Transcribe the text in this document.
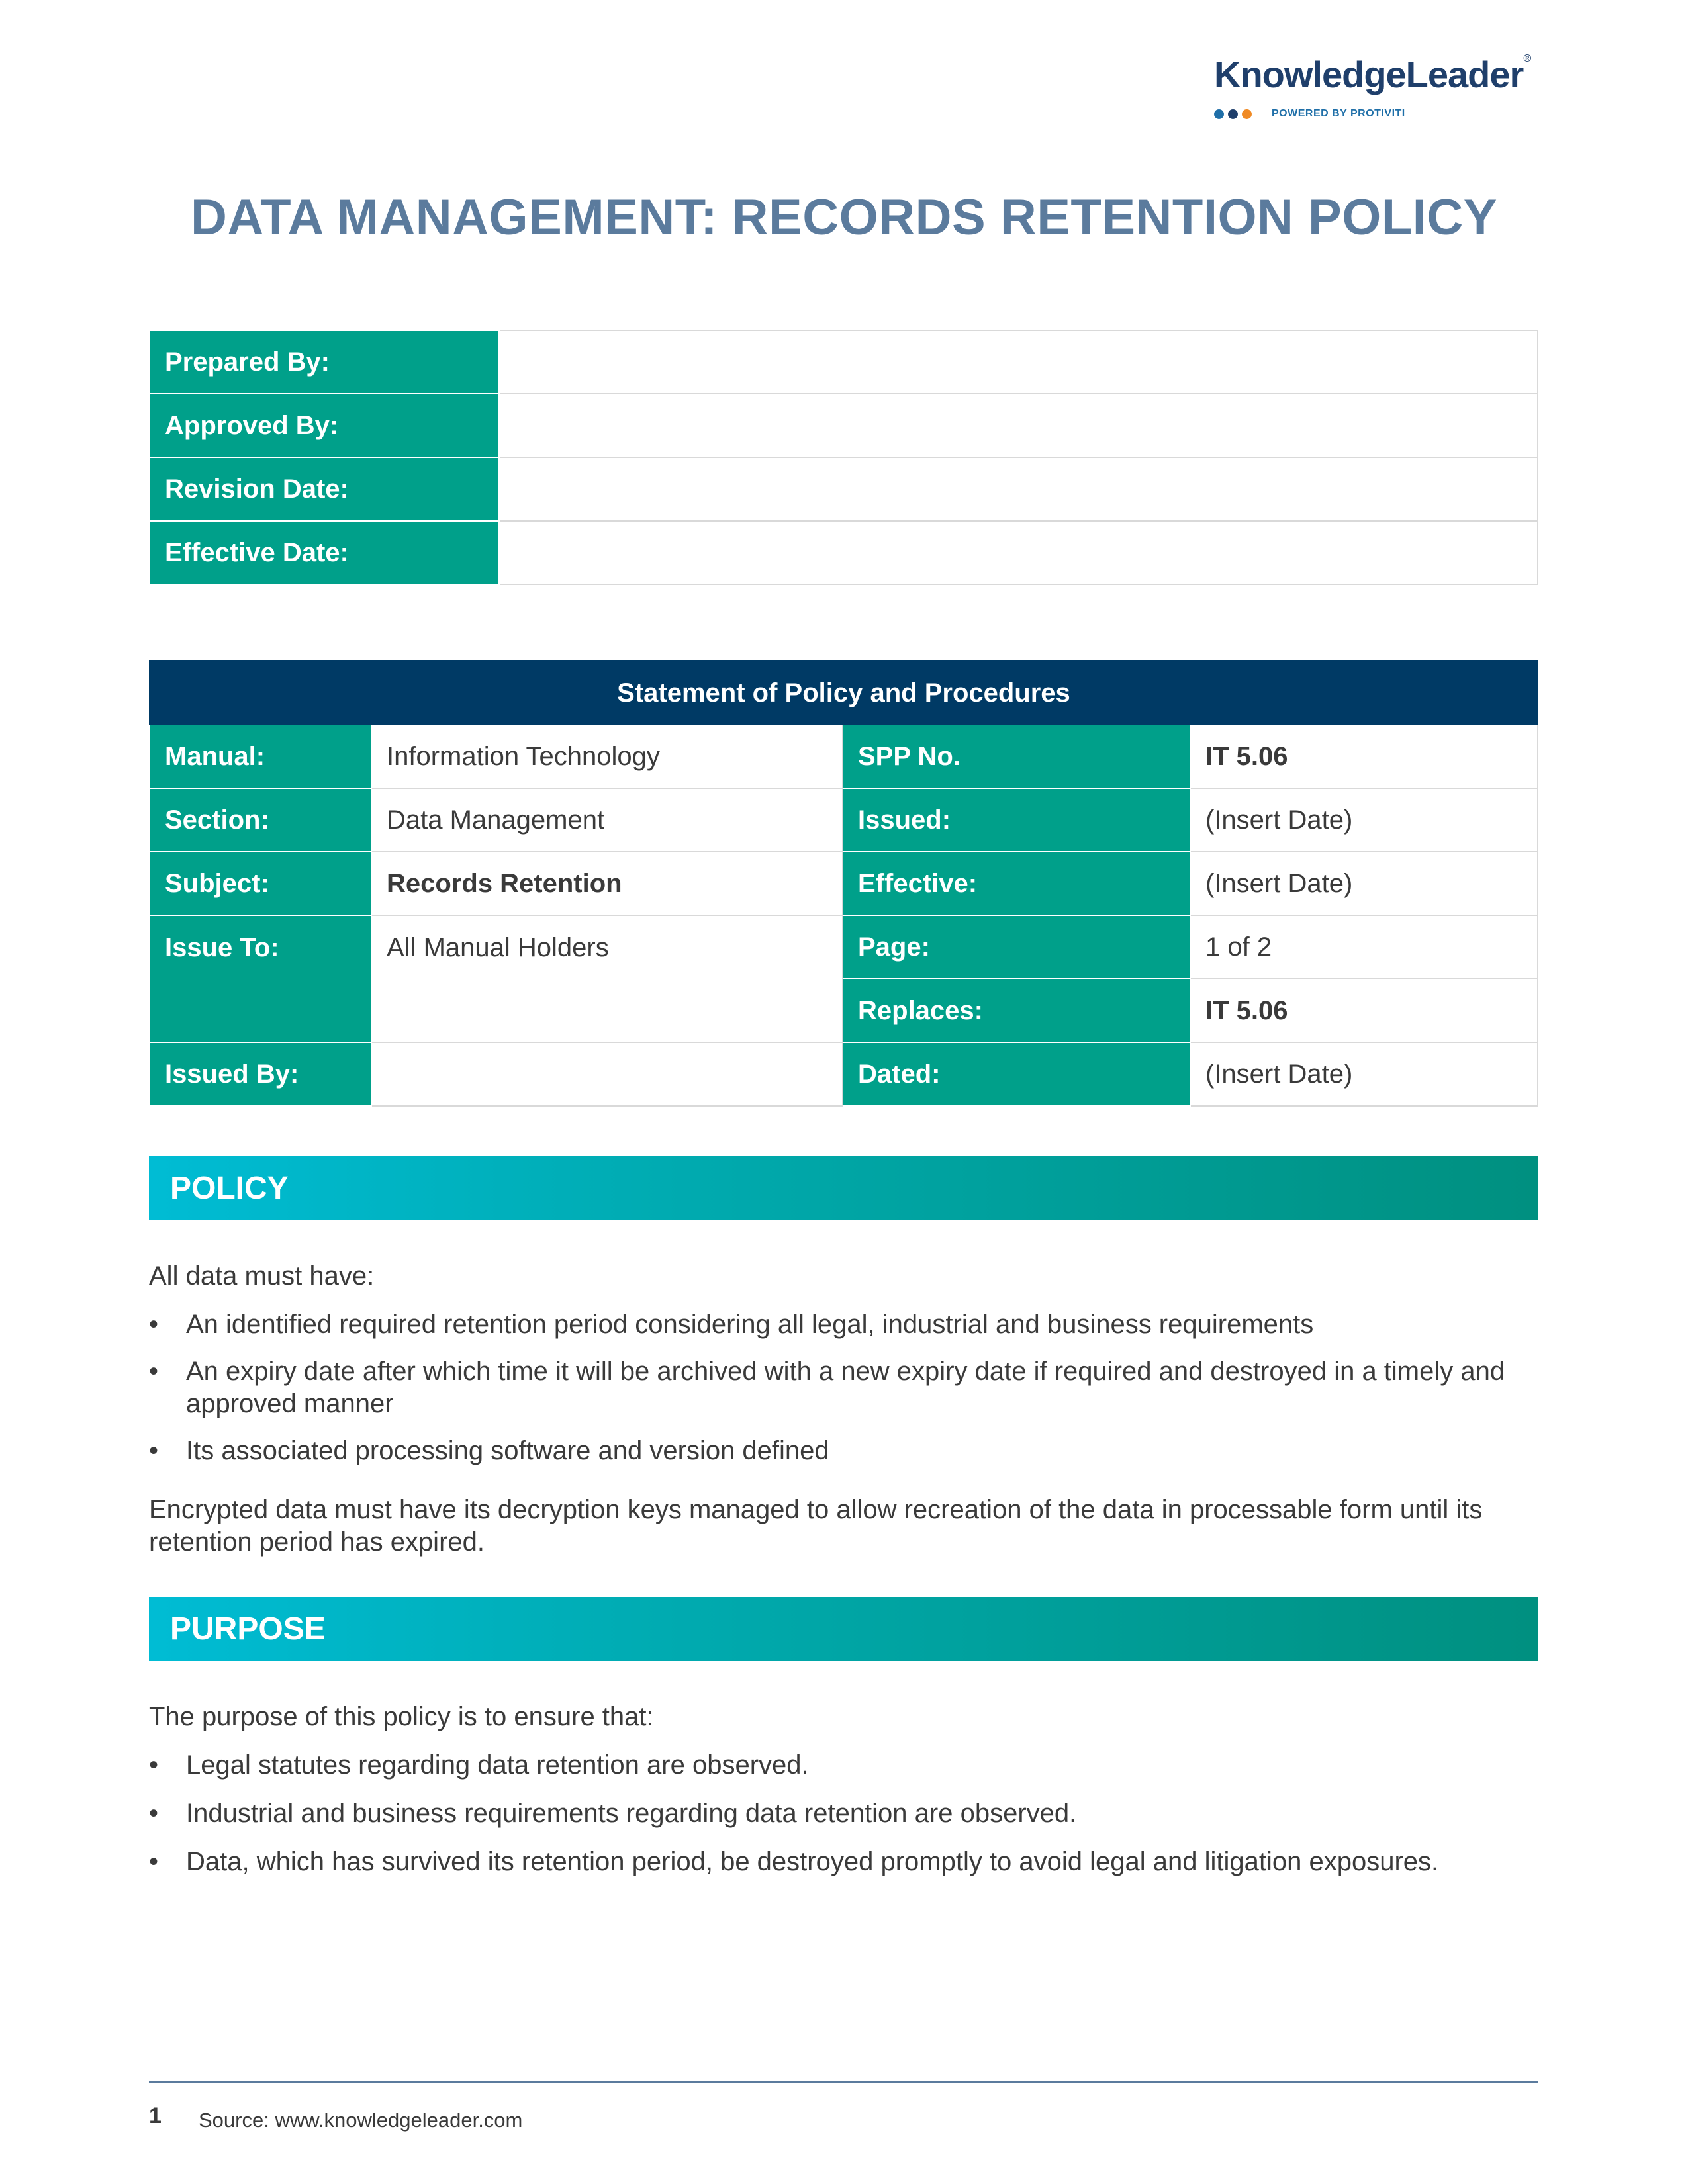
KnowledgeLeader®
POWERED BY PROTIVITI
DATA MANAGEMENT: RECORDS RETENTION POLICY
Prepared By:	
Approved By:	
Revision Date:	
Effective Date:	
Statement of Policy and Procedures			
Manual:	Information Technology	SPP No.	IT 5.06
Section:	Data Management	Issued:	(Insert Date)
Subject:	Records Retention	Effective:	(Insert Date)
Issue To:	All Manual Holders	Page:	1 of 2
		Replaces:	IT 5.06
Issued By:		Dated:	(Insert Date)
POLICY

All data must have:

• An identified required retention period considering all legal, industrial and business requirements
• An expiry date after which time it will be archived with a new expiry date if required and destroyed in a timely and approved manner
• Its associated processing software and version defined

Encrypted data must have its decryption keys managed to allow recreation of the data in processable form until its retention period has expired.

PURPOSE

The purpose of this policy is to ensure that:

• Legal statutes regarding data retention are observed.
• Industrial and business requirements regarding data retention are observed.
• Data, which has survived its retention period, be destroyed promptly to avoid legal and litigation exposures.
1 Source: www.knowledgeleader.com
